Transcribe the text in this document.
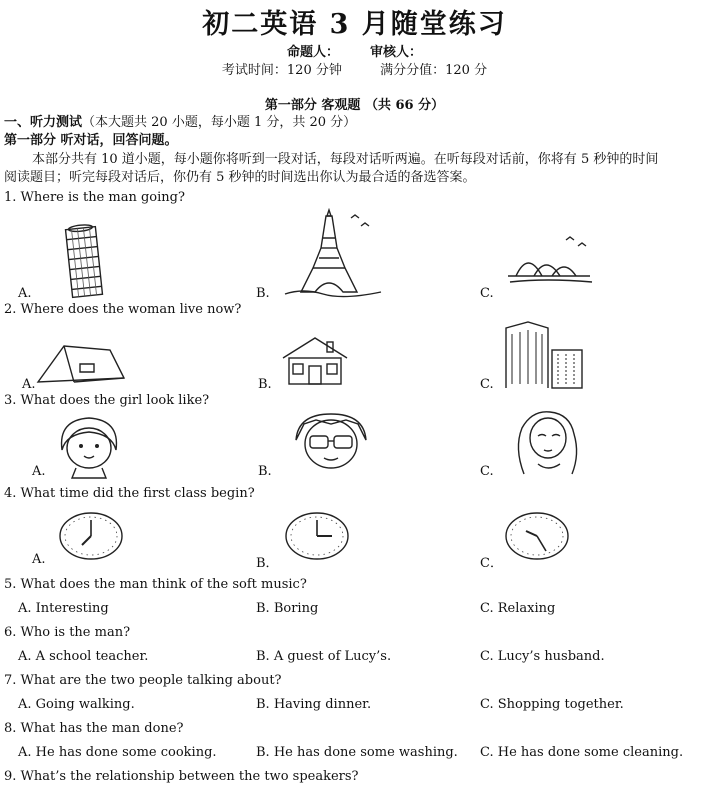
初二英语 3 月随堂练习
命题人： 审核人：
考试时间：120 分钟	满分分值：120 分
第一部分 客观题 （共 66 分）
一、听力测试（本大题共 20 小题，每小题 1 分，共 20 分）
第一部分 听对话，回答问题。
本部分共有 10 道小题，每小题你将听到一段对话，每段对话听两遍。在听每段对话前，你将有 5 秒钟的时间
阅读题目；听完每段对话后，你仍有 5 秒钟的时间选出你认为最合适的备选答案。
1. Where is the man going?
A.	B.	C.
2. Where does the woman live now?
A.	B.	C.
3. What does the girl look like?
A.	B.	C.
4. What time did the first class begin?
A.	B．	C．
5. What does the man think of the soft music?
A. Interesting	B. Boring	C. Relaxing
6. Who is the man?
A. A school teacher.	B. A guest of Lucy’s.	C. Lucy’s husband.
7. What are the two people talking about?
A. Going walking.	B. Having dinner.	C. Shopping together.
8. What has the man done?
A. He has done some cooking.	B. He has done some washing. C. He has done some cleaning.
9. What’s the relationship between the two speakers?
